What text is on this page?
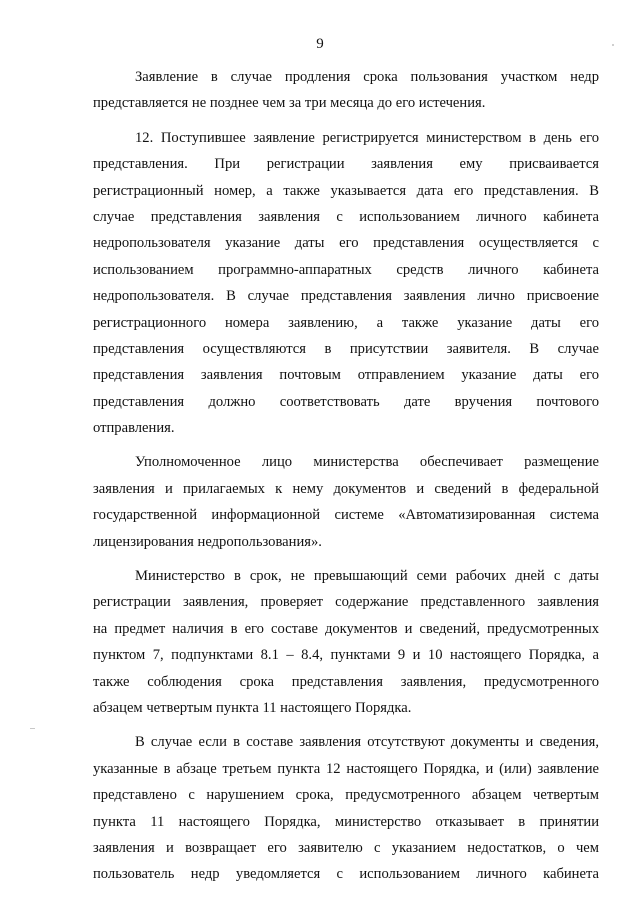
9
Заявление в случае продления срока пользования участком недр
представляется не позднее чем за три месяца до его истечения.
12. Поступившее заявление регистрируется министерством в день его
представления. При регистрации заявления ему присваивается
регистрационный номер, а также указывается дата его представления. В
случае представления заявления с использованием личного кабинета
недропользователя указание даты его представления осуществляется с
использованием программно-аппаратных средств личного кабинета
недропользователя. В случае представления заявления лично присвоение
регистрационного номера заявлению, а также указание даты его
представления осуществляются в присутствии заявителя. В случае
представления заявления почтовым отправлением указание даты его
представления должно соответствовать дате вручения почтового
отправления.
Уполномоченное лицо министерства обеспечивает размещение
заявления и прилагаемых к нему документов и сведений в федеральной
государственной информационной системе «Автоматизированная система
лицензирования недропользования».
Министерство в срок, не превышающий семи рабочих дней с даты
регистрации заявления, проверяет содержание представленного заявления
на предмет наличия в его составе документов и сведений, предусмотренных
пунктом 7, подпунктами 8.1 – 8.4, пунктами 9 и 10 настоящего Порядка, а
также соблюдения срока представления заявления, предусмотренного
абзацем четвертым пункта 11 настоящего Порядка.
В случае если в составе заявления отсутствуют документы и сведения,
указанные в абзаце третьем пункта 12 настоящего Порядка, и (или) заявление
представлено с нарушением срока, предусмотренного абзацем четвертым
пункта 11 настоящего Порядка, министерство отказывает в принятии
заявления и возвращает его заявителю с указанием недостатков, о чем
пользователь недр уведомляется с использованием личного кабинета
